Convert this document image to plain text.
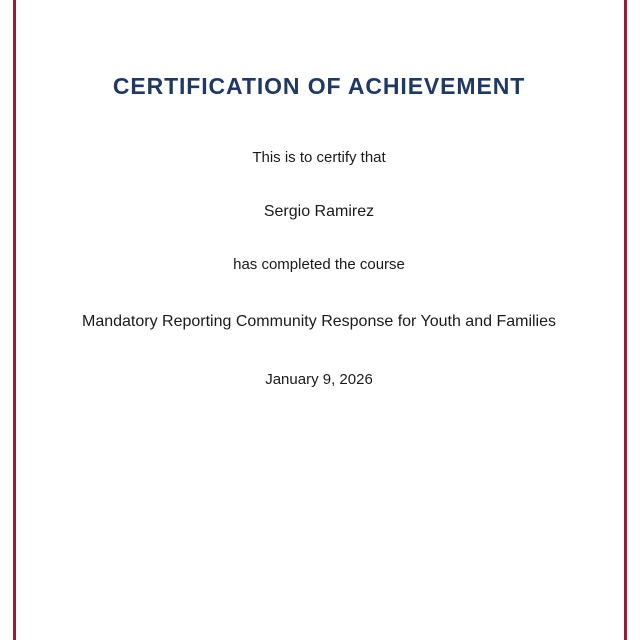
CERTIFICATION OF ACHIEVEMENT
This is to certify that
Sergio Ramirez
has completed the course
Mandatory Reporting Community Response for Youth and Families
January 9, 2026
